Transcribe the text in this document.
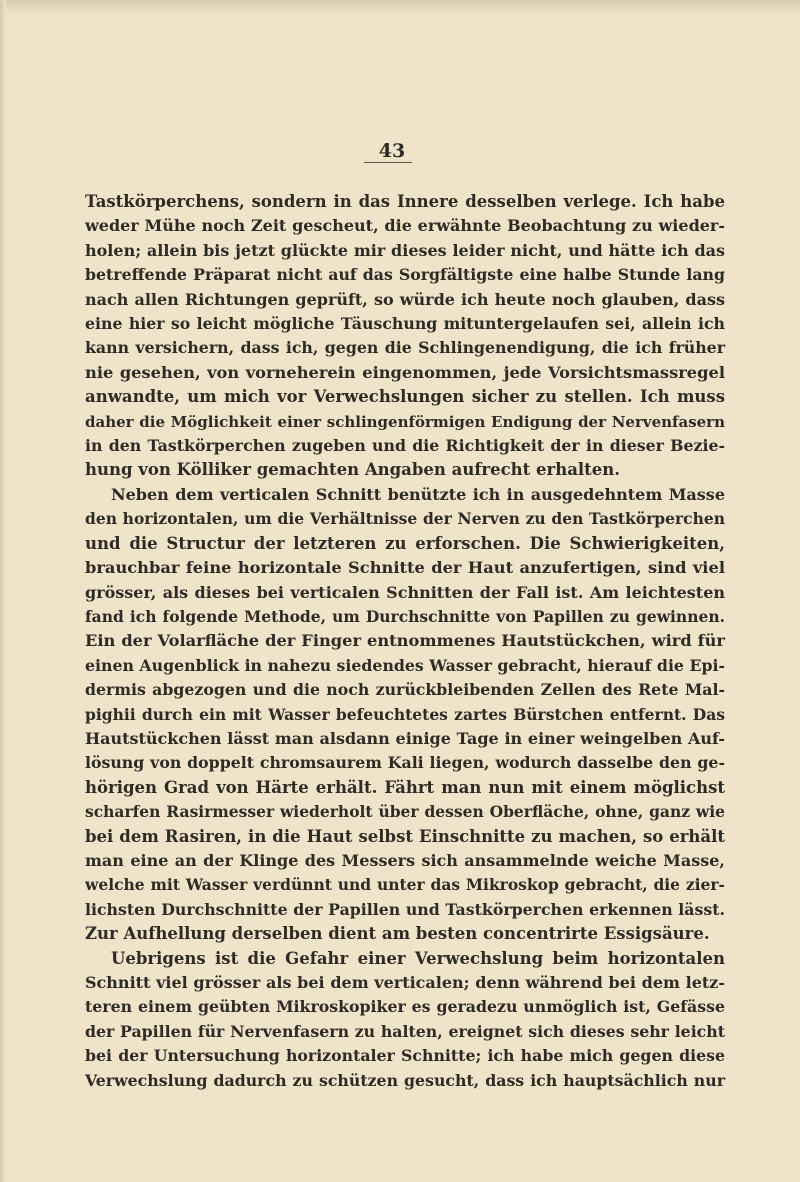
43
Tastkörperchens, sondern in das Innere desselben verlege. Ich habe
weder Mühe noch Zeit gescheut, die erwähnte Beobachtung zu wieder-
holen; allein bis jetzt glückte mir dieses leider nicht, und hätte ich das
betreffende Präparat nicht auf das Sorgfältigste eine halbe Stunde lang
nach allen Richtungen geprüft, so würde ich heute noch glauben, dass
eine hier so leicht mögliche Täuschung mituntergelaufen sei, allein ich
kann versichern, dass ich, gegen die Schlingenendigung, die ich früher
nie gesehen, von vorneherein eingenommen, jede Vorsichtsmassregel
anwandte, um mich vor Verwechslungen sicher zu stellen. Ich muss
daher die Möglichkeit einer schlingenförmigen Endigung der Nervenfasern
in den Tastkörperchen zugeben und die Richtigkeit der in dieser Bezie-
hung von Kölliker gemachten Angaben aufrecht erhalten.
Neben dem verticalen Schnitt benützte ich in ausgedehntem Masse
den horizontalen, um die Verhältnisse der Nerven zu den Tastkörperchen
und die Structur der letzteren zu erforschen. Die Schwierigkeiten,
brauchbar feine horizontale Schnitte der Haut anzufertigen, sind viel
grösser, als dieses bei verticalen Schnitten der Fall ist. Am leichtesten
fand ich folgende Methode, um Durchschnitte von Papillen zu gewinnen.
Ein der Volarfläche der Finger entnommenes Hautstückchen, wird für
einen Augenblick in nahezu siedendes Wasser gebracht, hierauf die Epi-
dermis abgezogen und die noch zurückbleibenden Zellen des Rete Mal-
pighii durch ein mit Wasser befeuchtetes zartes Bürstchen entfernt. Das
Hautstückchen lässt man alsdann einige Tage in einer weingelben Auf-
lösung von doppelt chromsaurem Kali liegen, wodurch dasselbe den ge-
hörigen Grad von Härte erhält. Fährt man nun mit einem möglichst
scharfen Rasirmesser wiederholt über dessen Oberfläche, ohne, ganz wie
bei dem Rasiren, in die Haut selbst Einschnitte zu machen, so erhält
man eine an der Klinge des Messers sich ansammelnde weiche Masse,
welche mit Wasser verdünnt und unter das Mikroskop gebracht, die zier-
lichsten Durchschnitte der Papillen und Tastkörperchen erkennen lässt.
Zur Aufhellung derselben dient am besten concentrirte Essigsäure.
Uebrigens ist die Gefahr einer Verwechslung beim horizontalen
Schnitt viel grösser als bei dem verticalen; denn während bei dem letz-
teren einem geübten Mikroskopiker es geradezu unmöglich ist, Gefässe
der Papillen für Nervenfasern zu halten, ereignet sich dieses sehr leicht
bei der Untersuchung horizontaler Schnitte; ich habe mich gegen diese
Verwechslung dadurch zu schützen gesucht, dass ich hauptsächlich nur
